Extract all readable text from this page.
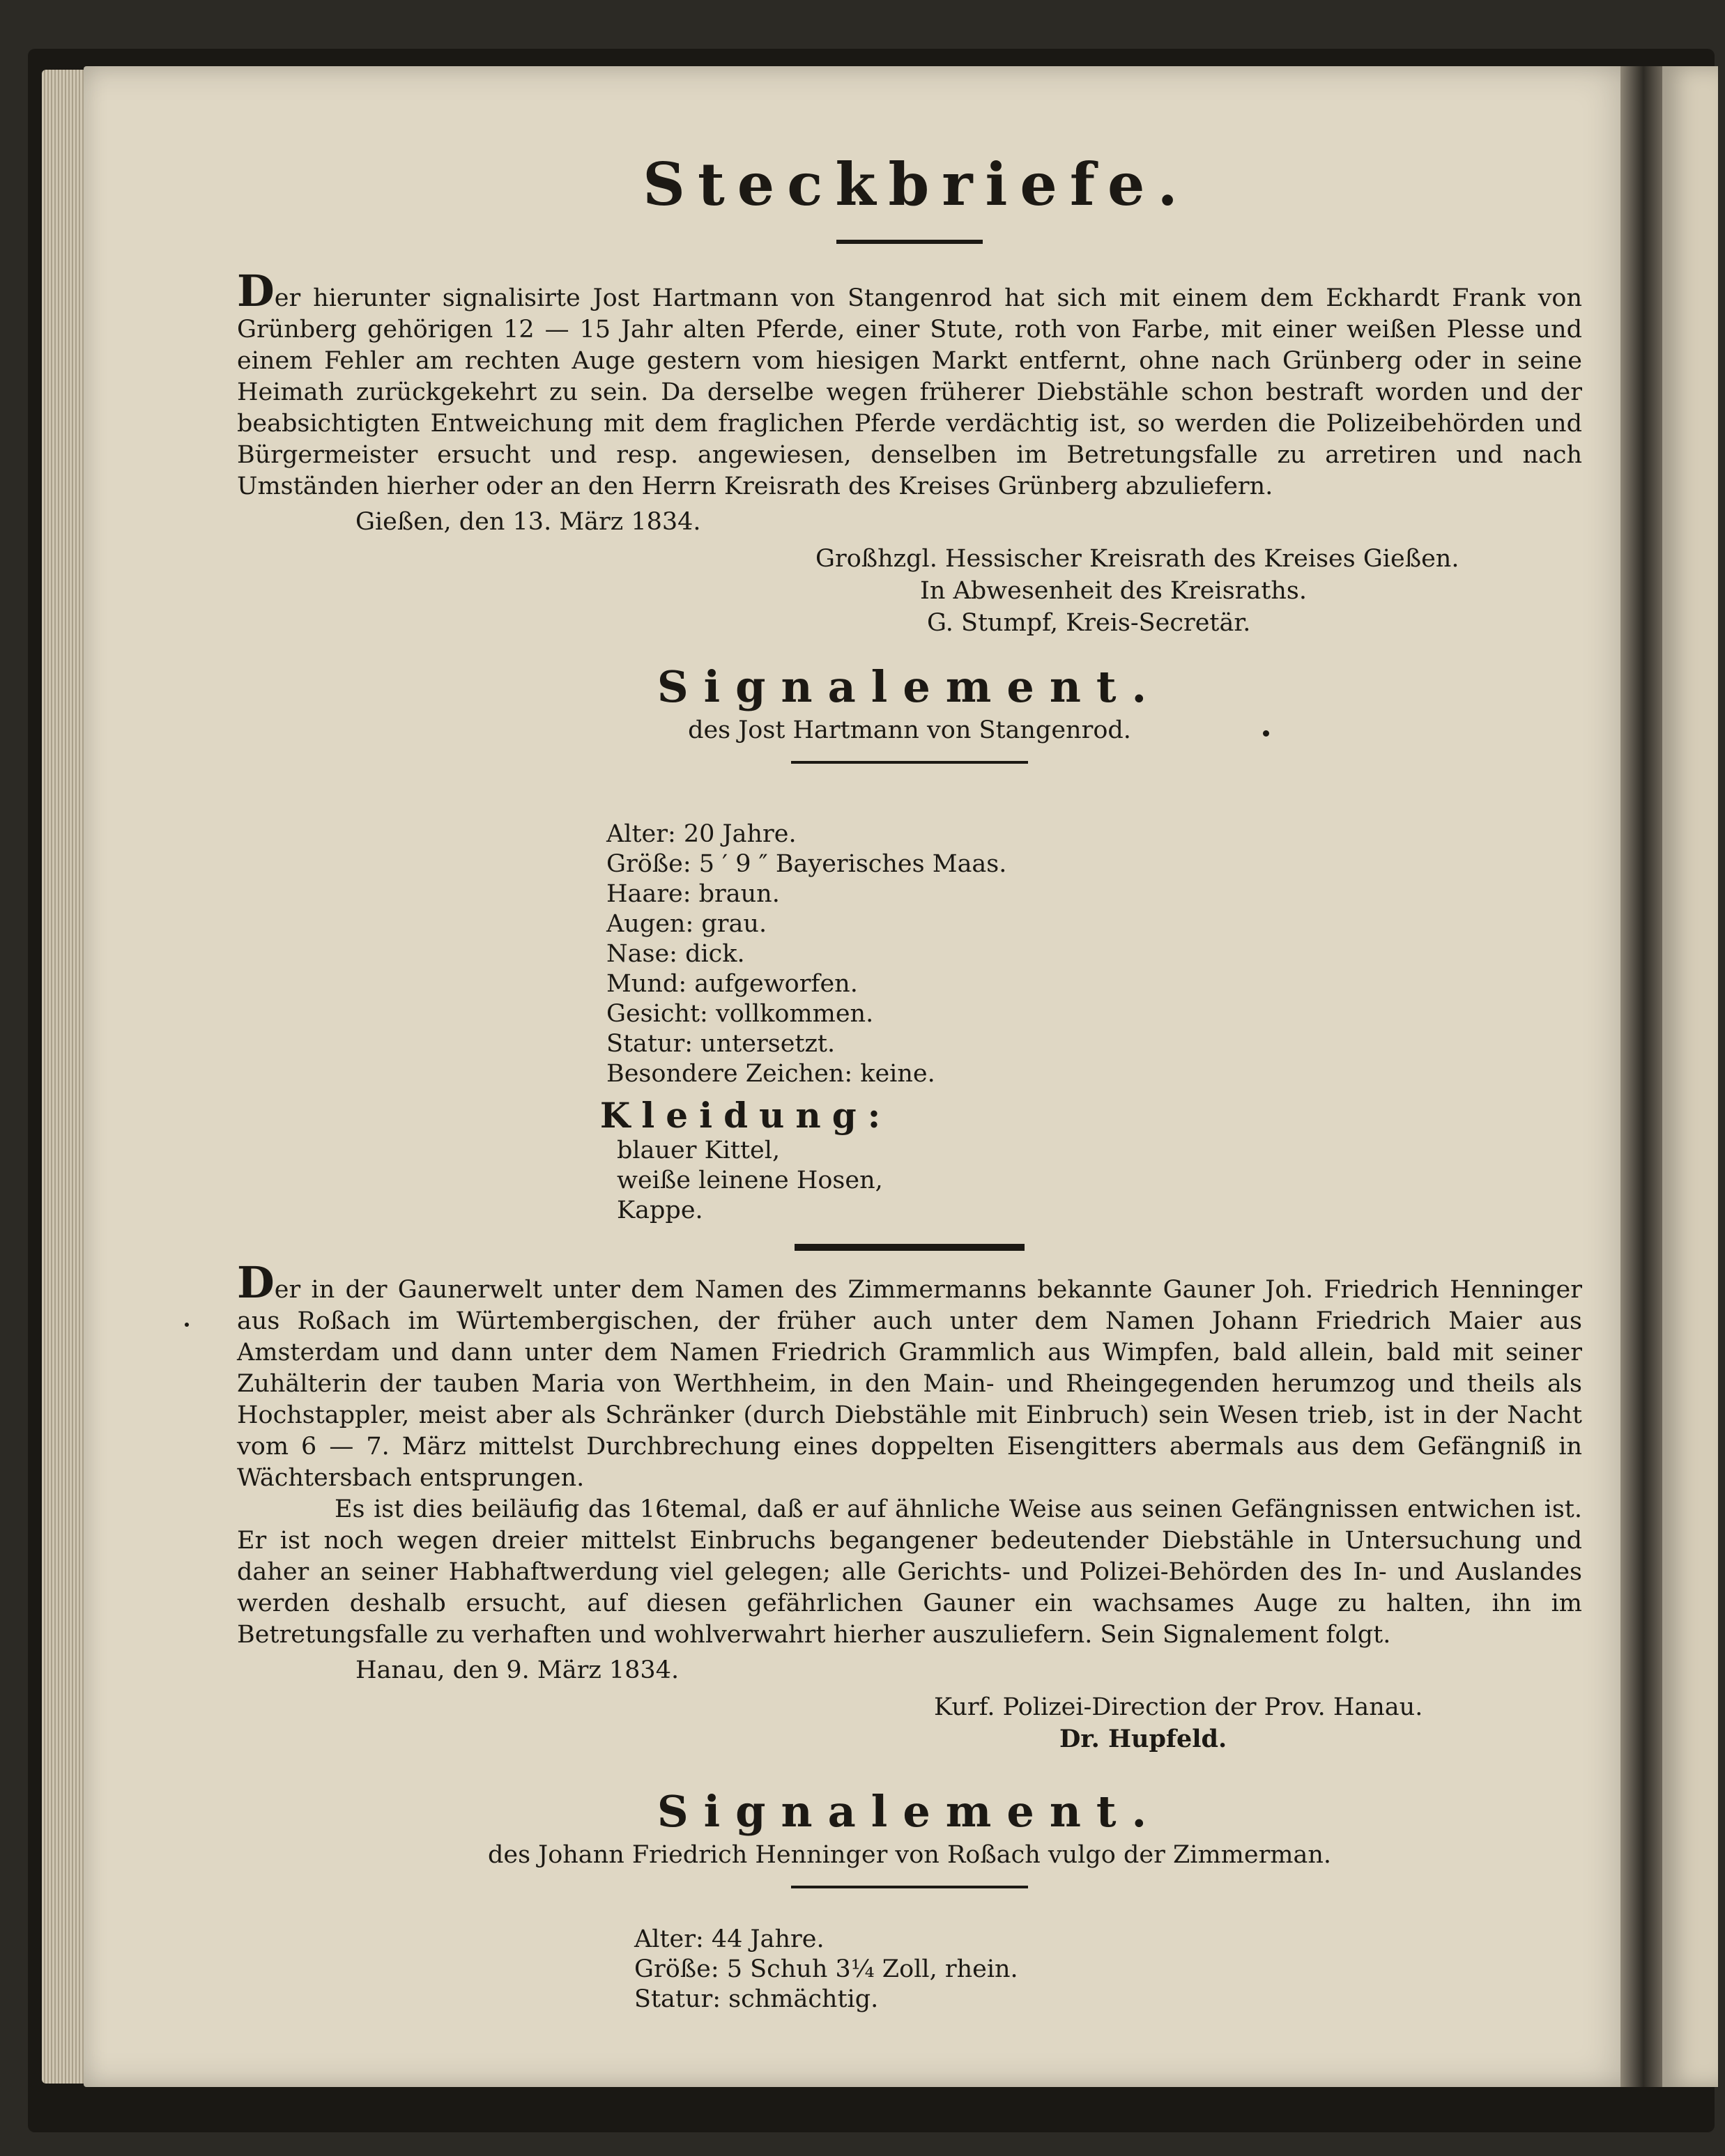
Steckbriefe.

Der hierunter signalisirte Jost Hartmann von Stangenrod hat sich mit einem dem Eckhardt Frank von Grünberg gehörigen 12 — 15 Jahr alten Pferde, einer Stute, roth von Farbe, mit einer weißen Plesse und einem Fehler am rechten Auge gestern vom hiesigen Markt entfernt, ohne nach Grünberg oder in seine Heimath zurückgekehrt zu sein. Da derselbe wegen früherer Diebstähle schon bestraft worden und der beabsichtigten Entweichung mit dem fraglichen Pferde verdächtig ist, so werden die Polizeibehörden und Bürgermeister ersucht und resp. angewiesen, denselben im Betretungsfalle zu arretiren und nach Umständen hierher oder an den Herrn Kreisrath des Kreises Grünberg abzuliefern.

Gießen, den 13. März 1834.
Großhzgl. Hessischer Kreisrath des Kreises Gießen.
In Abwesenheit des Kreisraths.
G. Stumpf, Kreis-Secretär.
Signalement.
des Jost Hartmann von Stangenrod.
Alter: 20 Jahre.
Größe: 5 ′ 9 ″ Bayerisches Maas.
Haare: braun.
Augen: grau.
Nase: dick.
Mund: aufgeworfen.
Gesicht: vollkommen.
Statur: untersetzt.
Besondere Zeichen: keine.
Kleidung:
blauer Kittel,
weiße leinene Hosen,
Kappe.

Der in der Gaunerwelt unter dem Namen des Zimmermanns bekannte Gauner Joh. Friedrich Henninger aus Roßach im Würtembergischen, der früher auch unter dem Namen Johann Friedrich Maier aus Amsterdam und dann unter dem Namen Friedrich Grammlich aus Wimpfen, bald allein, bald mit seiner Zuhälterin der tauben Maria von Werthheim, in den Main- und Rheingegenden herumzog und theils als Hochstappler, meist aber als Schränker (durch Diebstähle mit Einbruch) sein Wesen trieb, ist in der Nacht vom 6 — 7. März mittelst Durchbrechung eines doppelten Eisengitters abermals aus dem Gefängniß in Wächtersbach entsprungen.

Es ist dies beiläufig das 16temal, daß er auf ähnliche Weise aus seinen Gefängnissen entwichen ist. Er ist noch wegen dreier mittelst Einbruchs begangener bedeutender Diebstähle in Untersuchung und daher an seiner Habhaftwerdung viel gelegen; alle Gerichts- und Polizei-Behörden des In- und Auslandes werden deshalb ersucht, auf diesen gefährlichen Gauner ein wachsames Auge zu halten, ihn im Betretungsfalle zu verhaften und wohlverwahrt hierher auszuliefern. Sein Signalement folgt.

Hanau, den 9. März 1834.
Kurf. Polizei-Direction der Prov. Hanau.
Dr. Hupfeld.
Signalement.
des Johann Friedrich Henninger von Roßach vulgo der Zimmerman.
Alter: 44 Jahre.
Größe: 5 Schuh 3¼ Zoll, rhein.
Statur: schmächtig.
